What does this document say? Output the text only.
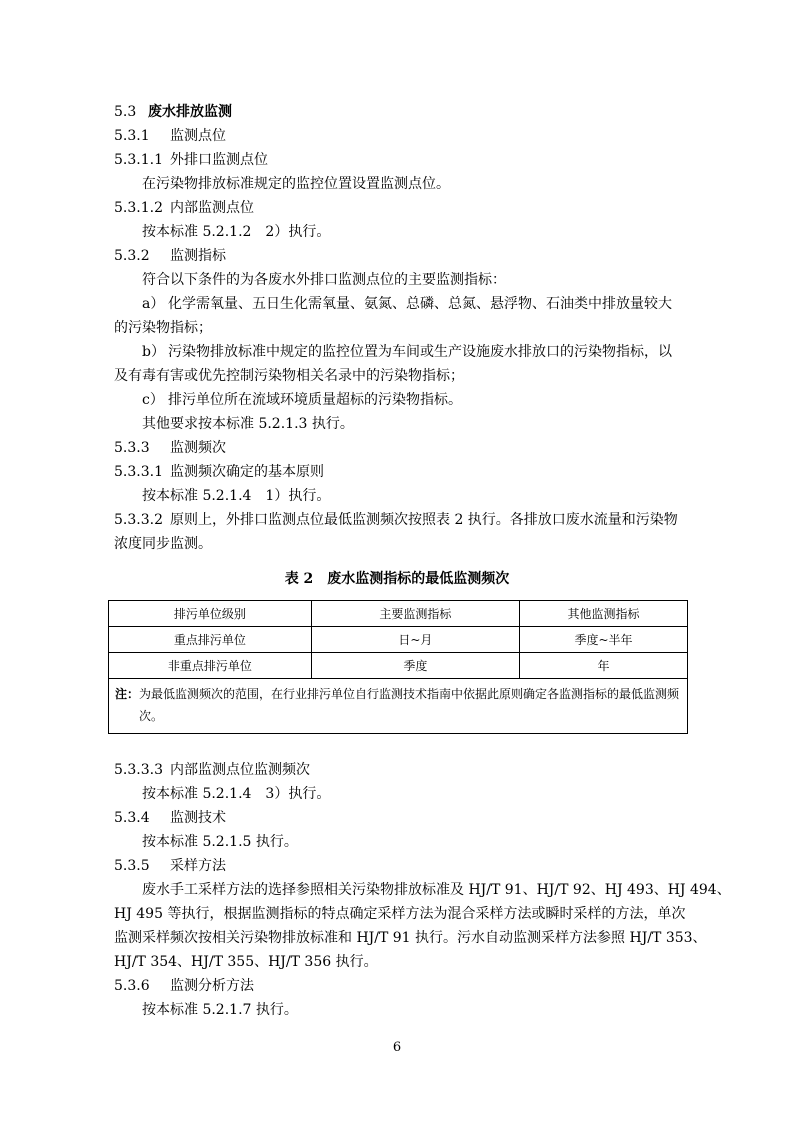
5.3 废水排放监测
5.3.1 监测点位
5.3.1.1 外排口监测点位
在污染物排放标准规定的监控位置设置监测点位。
5.3.1.2 内部监测点位
按本标准 5.2.1.2　2）执行。
5.3.2 监测指标
符合以下条件的为各废水外排口监测点位的主要监测指标：
a） 化学需氧量、五日生化需氧量、氨氮、总磷、总氮、悬浮物、石油类中排放量较大
的污染物指标；
b） 污染物排放标准中规定的监控位置为车间或生产设施废水排放口的污染物指标，以
及有毒有害或优先控制污染物相关名录中的污染物指标；
c） 排污单位所在流域环境质量超标的污染物指标。
其他要求按本标准 5.2.1.3 执行。
5.3.3 监测频次
5.3.3.1 监测频次确定的基本原则
按本标准 5.2.1.4　1）执行。
5.3.3.2 原则上，外排口监测点位最低监测频次按照表 2 执行。各排放口废水流量和污染物
浓度同步监测。
表 2　废水监测指标的最低监测频次
排污单位级别	主要监测指标	其他监测指标
重点排污单位	日~月	季度~半年
非重点排污单位	季度	年

注：为最低监测频次的范围，在行业排污单位自行监测技术指南中依据此原则确定各监测指标的最低监测频
次。		
5.3.3.3 内部监测点位监测频次
按本标准 5.2.1.4　3）执行。
5.3.4 监测技术
按本标准 5.2.1.5 执行。
5.3.5 采样方法
废水手工采样方法的选择参照相关污染物排放标准及 HJ/T 91、HJ/T 92、HJ 493、HJ 494、
HJ 495 等执行，根据监测指标的特点确定采样方法为混合采样方法或瞬时采样的方法，单次
监测采样频次按相关污染物排放标准和 HJ/T 91 执行。污水自动监测采样方法参照 HJ/T 353、
HJ/T 354、HJ/T 355、HJ/T 356 执行。
5.3.6 监测分析方法
按本标准 5.2.1.7 执行。
6
